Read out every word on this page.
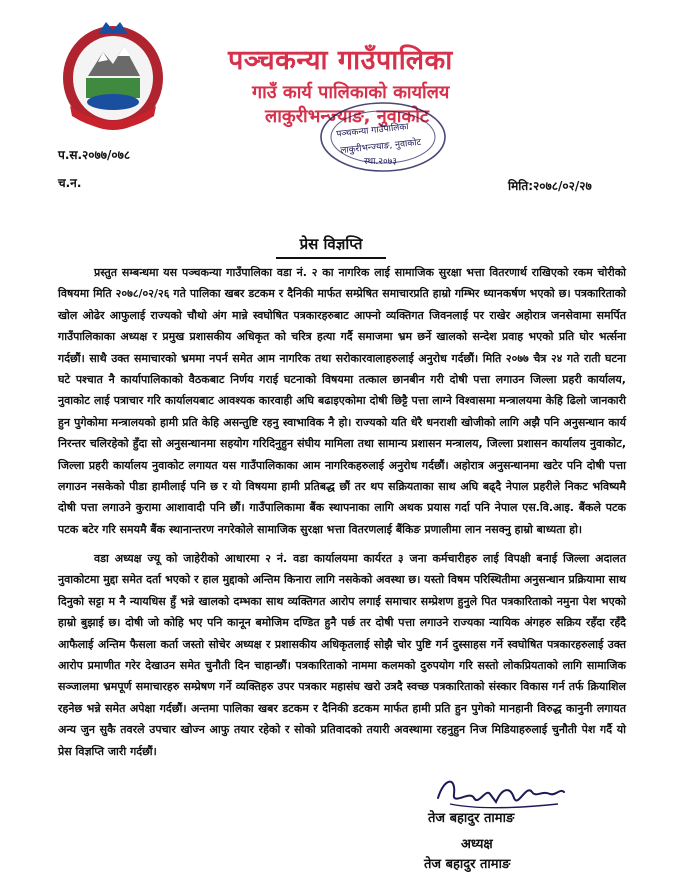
पञ्चकन्या गाउँपालिका
गाउँ कार्य पालिकाको कार्यालय
लाकुरीभन्ज्याङ, नुवाकोट
पञ्चकन्या गाउँपालिका
लाकुरीभन्ज्याङ, नुवाकोट
स्था.२०७३
प.स.२०७७/०७८
च.न.	मिति:२०७८/०२/२७
प्रेस विज्ञप्ति

प्रस्तुत सम्बन्धमा यस पञ्चकन्या गाउँपालिका वडा नं. २ का नागरिक लाई सामाजिक सुरक्षा भत्ता वितरणार्थ राखिएको रकम चोरीको विषयमा मिति २०७८/०२/२६ गते पालिका खबर डटकम र दैनिकी मार्फत सम्प्रेषित समाचारप्रति हाम्रो गम्भिर ध्यानकर्षण भएको छ। पत्रकारिताको खोल ओढेर आफुलाई राज्यको चौथो अंग मान्ने स्वघोषित पत्रकारहरुबाट आफ्नो व्यक्तिगत जिवनलाई पर राखेर अहोरात्र जनसेवामा समर्पित गाउँपालिकाका अध्यक्ष र प्रमुख प्रशासकीय अधिकृत को चरित्र हत्या गर्दै समाजमा भ्रम छर्ने खालको सन्देश प्रवाह भएको प्रति घोर भर्त्सना गर्दछौं। साथै उक्त समाचारको भ्रममा नपर्न समेत आम नागरिक तथा सरोकारवालाहरुलाई अनुरोध गर्दछौं। मिति २०७७ चैत्र २४ गते राती घटना घटे पश्चात नै कार्यापालिकाको वैठकबाट निर्णय गराई घटनाको विषयमा तत्काल छानबीन गरी दोषी पत्ता लगाउन जिल्ला प्रहरी कार्यालय, नुवाकोट लाई पत्राचार गरि कार्यालयबाट आवश्यक कारवाही अघि बढाइएकोमा दोषी छिट्टै पत्ता लाग्ने विश्वासमा मन्त्रालयमा केहि ढिलो जानकारी हुन पुगेकोमा मन्त्रालयको हामी प्रति केहि असन्तुष्टि रहनु स्वाभाविक नै हो। राज्यको यति धेरै धनराशी खोजीको लागि अझै पनि अनुसन्धान कार्य निरन्तर चलिरहेको हुँदा सो अनुसन्धानमा सहयोग गरिदिनुहुन संघीय मामिला तथा सामान्य प्रशासन मन्त्रालय, जिल्ला प्रशासन कार्यालय नुवाकोट, जिल्ला प्रहरी कार्यालय नुवाकोट लगायत यस गाउँपालिकाका आम नागरिकहरुलाई अनुरोध गर्दछौं। अहोरात्र अनुसन्धानमा खटेर पनि दोषी पत्ता लगाउन नसकेको पीडा हामीलाई पनि छ र यो विषयमा हामी प्रतिबद्ध छौं तर थप सक्रियताका साथ अघि बढ्दै नेपाल प्रहरीले निकट भविष्यमै दोषी पत्ता लगाउने कुरामा आशावादी पनि छौं। गाउँपालिकामा बैंक स्थापनाका लागि अथक प्रयास गर्दा पनि नेपाल एस.वि.आइ. बैंकले पटक पटक बटेर गरि समयमै बैंक स्थानान्तरण नगरेकोले सामाजिक सुरक्षा भत्ता वितरणलाई बैंकिङ प्रणालीमा लान नसक्नु हाम्रो बाध्यता हो।

वडा अध्यक्ष ज्यू को जाहेरीको आधारमा २ नं. वडा कार्यालयमा कार्यरत ३ जना कर्मचारीहरु लाई विपक्षी बनाई जिल्ला अदालत नुवाकोटमा मुद्दा समेत दर्ता भएको र हाल मुद्दाको अन्तिम किनारा लागि नसकेको अवस्था छ। यस्तो विषम परिस्थितीमा अनुसन्धान प्रक्रियामा साथ दिनुको सट्टा म नै न्यायधिस हुँ भन्ने खालको दम्भका साथ व्यक्तिगत आरोप लगाई समाचार सम्प्रेशण हुनुले पित पत्रकारिताको नमुना पेश भएको हाम्रो बुझाई छ। दोषी जो कोहि भए पनि कानून बमोजिम दण्डित हुनै पर्छ तर दोषी पत्ता लगाउने राज्यका न्यायिक अंगहरु सक्रिय रहँदा रहँदै आफैलाई अन्तिम फैसला कर्ता जस्तो सोचेर अध्यक्ष र प्रशासकीय अधिकृतलाई सोझै चोर पुष्टि गर्न दुस्साहस गर्ने स्वघोषित पत्रकारहरुलाई उक्त आरोप प्रमाणीत गरेर देखाउन समेत चुनौती दिन चाहान्छौं। पत्रकारिताको नाममा कलमको दुरुपयोग गरि सस्तो लोकप्रियताको लागि सामाजिक सञ्जालमा भ्रमपूर्ण समाचारहरु सम्प्रेषण गर्ने व्यक्तिहरु उपर पत्रकार महासंघ खरो उत्रदै स्वच्छ पत्रकारिताको संस्कार विकास गर्न तर्फ क्रियाशिल रहनेछ भन्ने समेत अपेक्षा गर्दछौं। अन्तमा पालिका खबर डटकम र दैनिकी डटकम मार्फत हामी प्रति हुन पुगेको मानहानी विरुद्ध कानुनी लगायत अन्य जुन सुकै तवरले उपचार खोज्न आफु तयार रहेको र सोको प्रतिवादको तयारी अवस्थामा रहनुहुन निज मिडियाहरुलाई चुनौती पेश गर्दै यो प्रेस विज्ञप्ति जारी गर्दछौं।

तेज बहादुर तामाङ
अध्यक्ष
तेज बहादुर तामाङ
